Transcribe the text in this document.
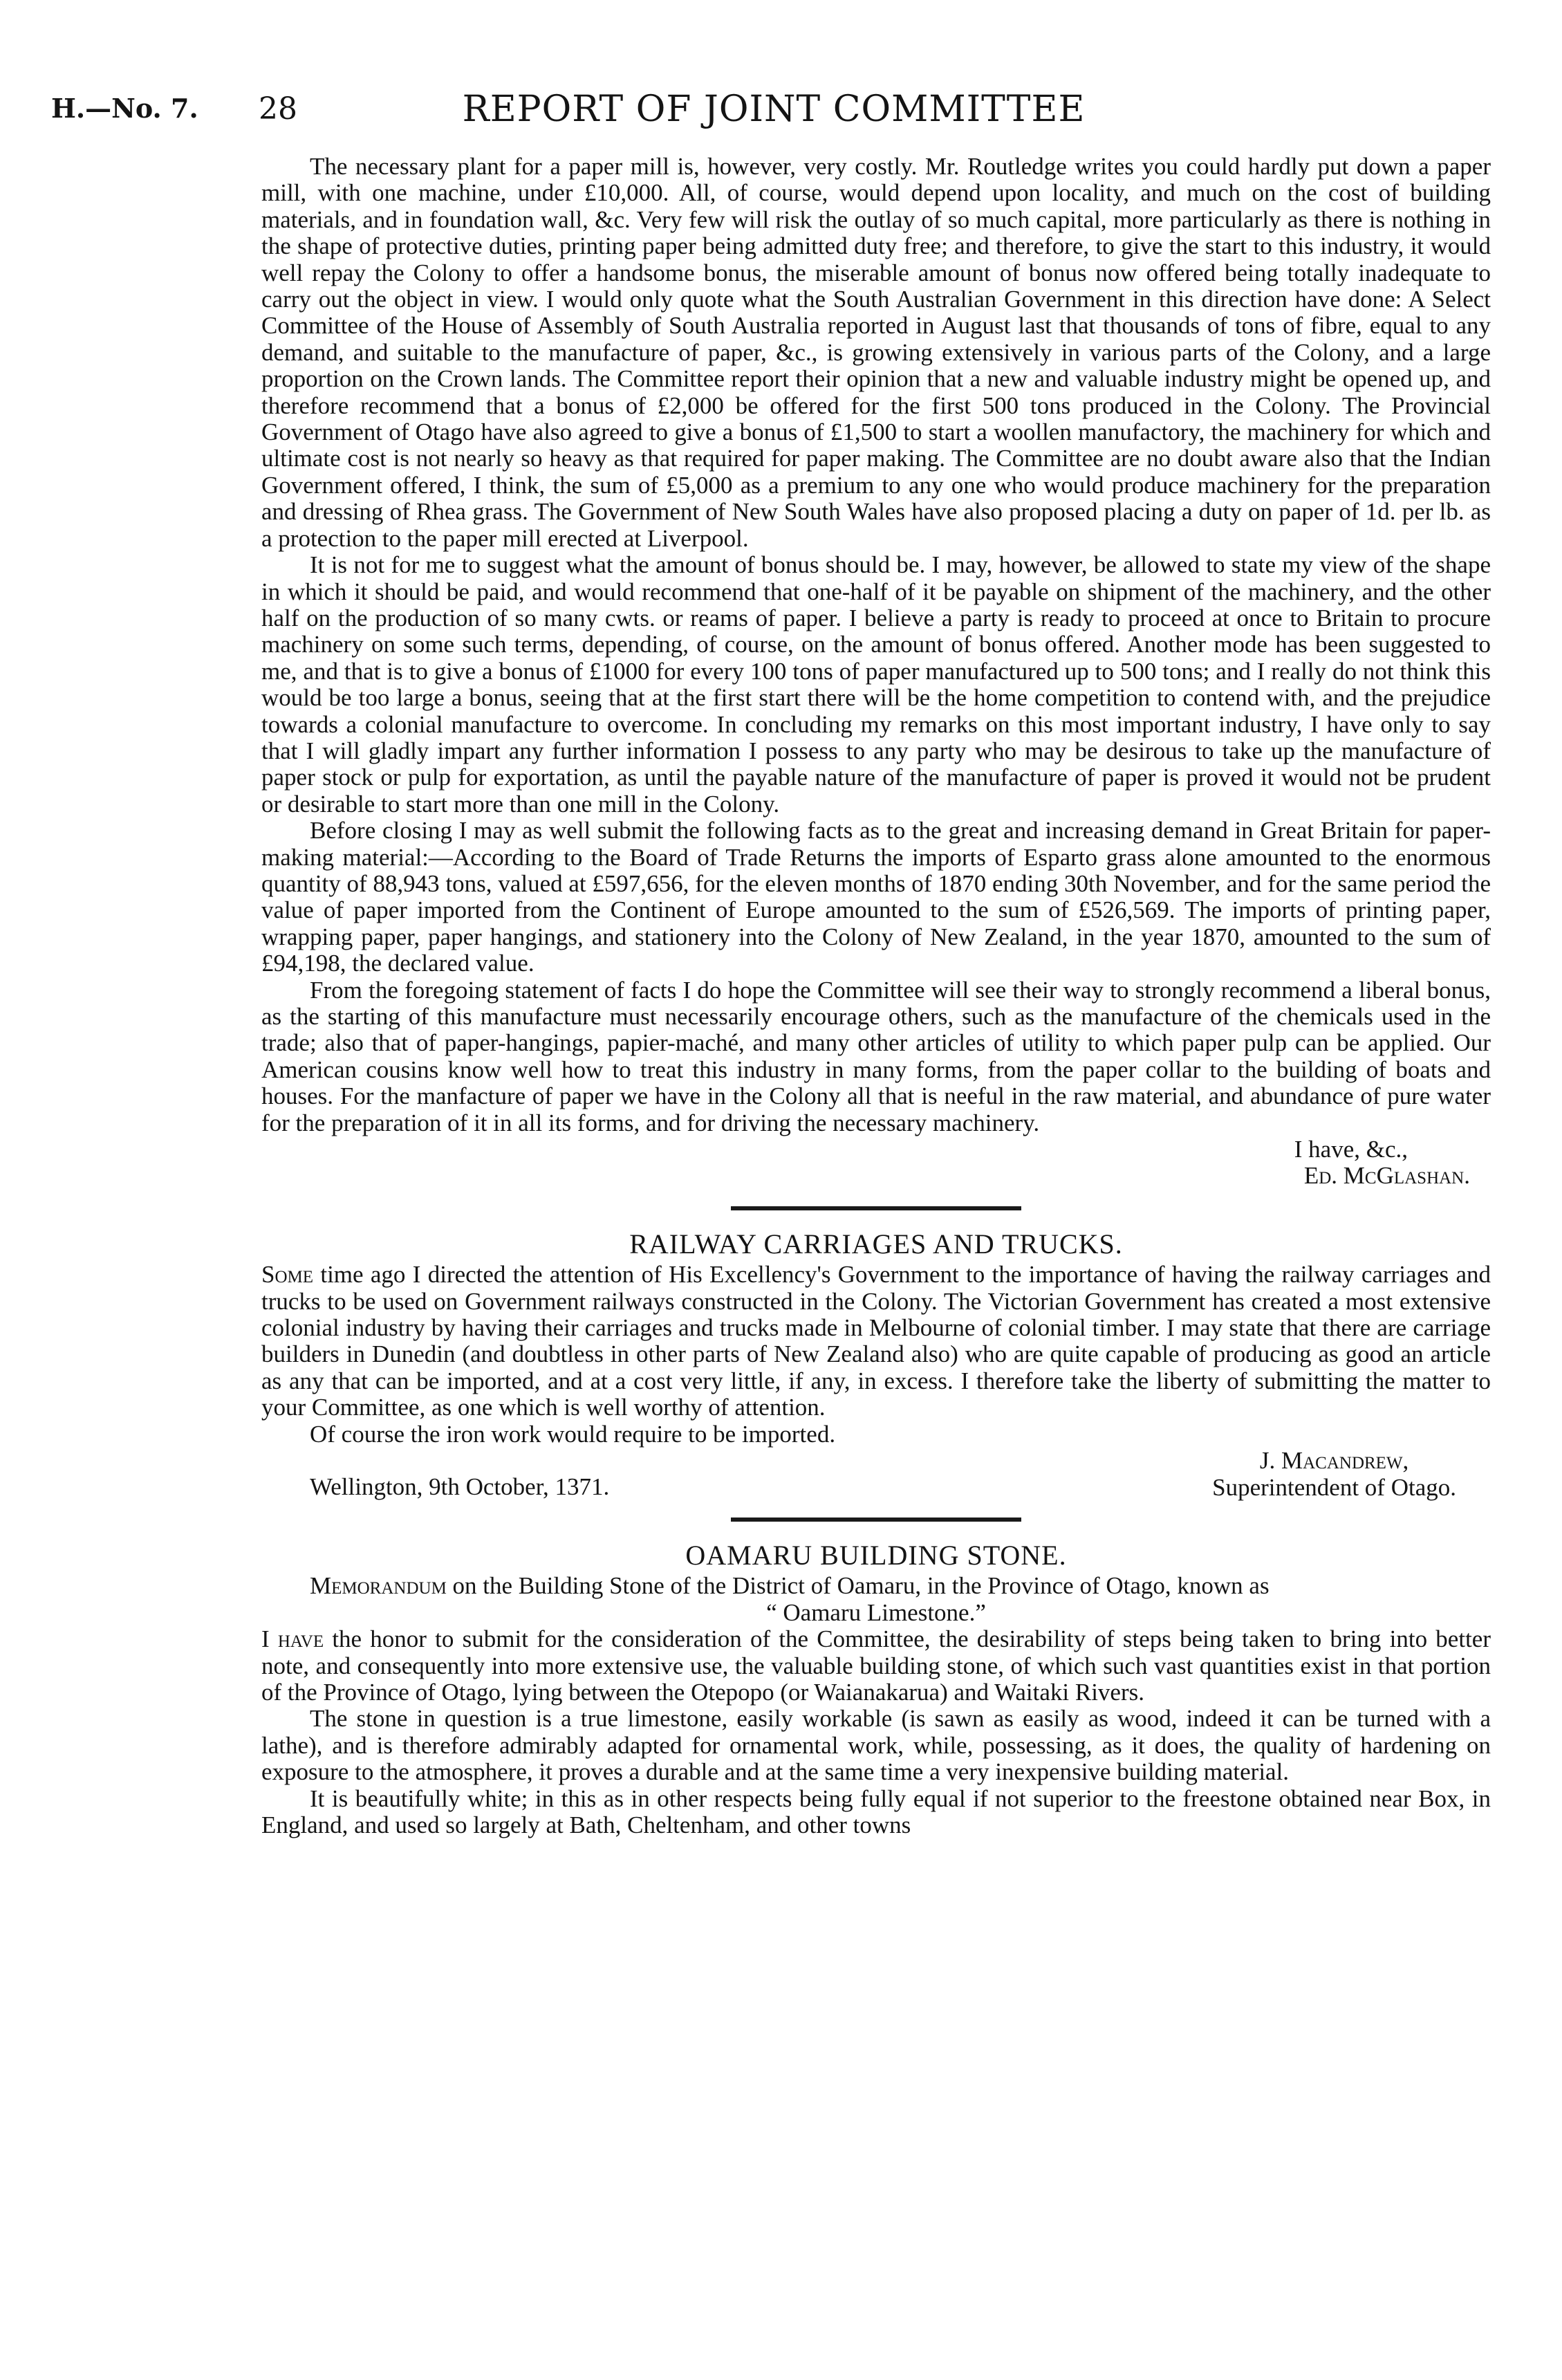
H.—No. 7. 28	REPORT OF JOINT COMMITTEE

The necessary plant for a paper mill is, however, very costly. Mr. Routledge writes you could hardly put down a paper mill, with one machine, under £10,000. All, of course, would depend upon locality, and much on the cost of building materials, and in foundation wall, &c. Very few will risk the outlay of so much capital, more particularly as there is nothing in the shape of protective duties, printing paper being admitted duty free; and therefore, to give the start to this industry, it would well repay the Colony to offer a handsome bonus, the miserable amount of bonus now offered being totally inadequate to carry out the object in view. I would only quote what the South Australian Government in this direction have done: A Select Committee of the House of Assembly of South Australia reported in August last that thousands of tons of fibre, equal to any demand, and suitable to the manufacture of paper, &c., is growing extensively in various parts of the Colony, and a large proportion on the Crown lands. The Committee report their opinion that a new and valuable industry might be opened up, and therefore recommend that a bonus of £2,000 be offered for the first 500 tons produced in the Colony. The Provincial Government of Otago have also agreed to give a bonus of £1,500 to start a woollen manufactory, the machinery for which and ultimate cost is not nearly so heavy as that required for paper making. The Committee are no doubt aware also that the Indian Government offered, I think, the sum of £5,000 as a premium to any one who would produce machinery for the preparation and dressing of Rhea grass. The Government of New South Wales have also proposed placing a duty on paper of 1d. per lb. as a protection to the paper mill erected at Liverpool.

It is not for me to suggest what the amount of bonus should be. I may, however, be allowed to state my view of the shape in which it should be paid, and would recommend that one-half of it be payable on shipment of the machinery, and the other half on the production of so many cwts. or reams of paper. I believe a party is ready to proceed at once to Britain to procure machinery on some such terms, depending, of course, on the amount of bonus offered. Another mode has been suggested to me, and that is to give a bonus of £1000 for every 100 tons of paper manufactured up to 500 tons; and I really do not think this would be too large a bonus, seeing that at the first start there will be the home competition to contend with, and the prejudice towards a colonial manufacture to overcome. In concluding my remarks on this most important industry, I have only to say that I will gladly impart any further information I possess to any party who may be desirous to take up the manufacture of paper stock or pulp for exportation, as until the payable nature of the manufacture of paper is proved it would not be prudent or desirable to start more than one mill in the Colony.

Before closing I may as well submit the following facts as to the great and increasing demand in Great Britain for paper-making material:—According to the Board of Trade Returns the imports of Esparto grass alone amounted to the enormous quantity of 88,943 tons, valued at £597,656, for the eleven months of 1870 ending 30th November, and for the same period the value of paper imported from the Continent of Europe amounted to the sum of £526,569. The imports of printing paper, wrapping paper, paper hangings, and stationery into the Colony of New Zealand, in the year 1870, amounted to the sum of £94,198, the declared value.

From the foregoing statement of facts I do hope the Committee will see their way to strongly recommend a liberal bonus, as the starting of this manufacture must necessarily encourage others, such as the manufacture of the chemicals used in the trade; also that of paper-hangings, papier-maché, and many other articles of utility to which paper pulp can be applied. Our American cousins know well how to treat this industry in many forms, from the paper collar to the building of boats and houses. For the manfacture of paper we have in the Colony all that is neeful in the raw material, and abundance of pure water for the preparation of it in all its forms, and for driving the necessary machinery.

I have, &c.,
Ed. McGlashan.
RAILWAY CARRIAGES AND TRUCKS.

Some time ago I directed the attention of His Excellency's Government to the importance of having the railway carriages and trucks to be used on Government railways constructed in the Colony. The Victorian Government has created a most extensive colonial industry by having their carriages and trucks made in Melbourne of colonial timber. I may state that there are carriage builders in Dunedin (and doubtless in other parts of New Zealand also) who are quite capable of producing as good an article as any that can be imported, and at a cost very little, if any, in excess. I therefore take the liberty of submitting the matter to your Committee, as one which is well worthy of attention.

Of course the iron work would require to be imported.

Wellington, 9th October, 1371.
J. Macandrew,
Superintendent of Otago.
OAMARU BUILDING STONE.

Memorandum on the Building Stone of the District of Oamaru, in the Province of Otago, known as

“ Oamaru Limestone.”

I have the honor to submit for the consideration of the Committee, the desirability of steps being taken to bring into better note, and consequently into more extensive use, the valuable building stone, of which such vast quantities exist in that portion of the Province of Otago, lying between the Otepopo (or Waianakarua) and Waitaki Rivers.

The stone in question is a true limestone, easily workable (is sawn as easily as wood, indeed it can be turned with a lathe), and is therefore admirably adapted for ornamental work, while, possessing, as it does, the quality of hardening on exposure to the atmosphere, it proves a durable and at the same time a very inexpensive building material.

It is beautifully white; in this as in other respects being fully equal if not superior to the freestone obtained near Box, in England, and used so largely at Bath, Cheltenham, and other towns
